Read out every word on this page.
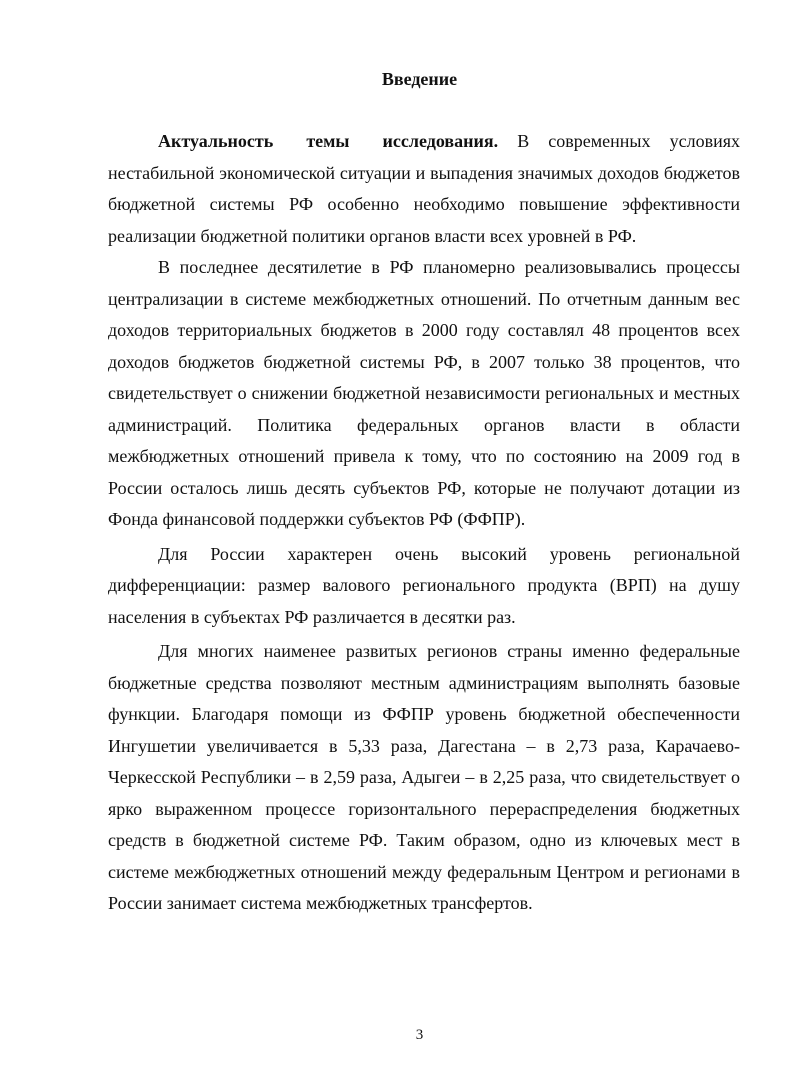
Введение

Актуальность темы исследования. В современных условиях нестабильной экономической ситуации и выпадения значимых доходов бюджетов бюджетной системы РФ особенно необходимо повышение эффективности реализации бюджетной политики органов власти всех уровней в РФ.

В последнее десятилетие в РФ планомерно реализовывались процессы централизации в системе межбюджетных отношений. По отчетным данным вес доходов территориальных бюджетов в 2000 году составлял 48 процентов всех доходов бюджетов бюджетной системы РФ, в 2007 только 38 процентов, что свидетельствует о снижении бюджетной независимости региональных и местных администраций. Политика федеральных органов власти в области межбюджетных отношений привела к тому, что по состоянию на 2009 год в России осталось лишь десять субъектов РФ, которые не получают дотации из Фонда финансовой поддержки субъектов РФ (ФФПР).

Для России характерен очень высокий уровень региональной дифференциации: размер валового регионального продукта (ВРП) на душу населения в субъектах РФ различается в десятки раз.

Для многих наименее развитых регионов страны именно федеральные бюджетные средства позволяют местным администрациям выполнять базовые функции. Благодаря помощи из ФФПР уровень бюджетной обеспеченности Ингушетии увеличивается в 5,33 раза, Дагестана – в 2,73 раза, Карачаево-Черкесской Республики – в 2,59 раза, Адыгеи – в 2,25 раза, что свидетельствует о ярко выраженном процессе горизонтального перераспределения бюджетных средств в бюджетной системе РФ. Таким образом, одно из ключевых мест в системе межбюджетных отношений между федеральным Центром и регионами в России занимает система межбюджетных трансфертов.

3
